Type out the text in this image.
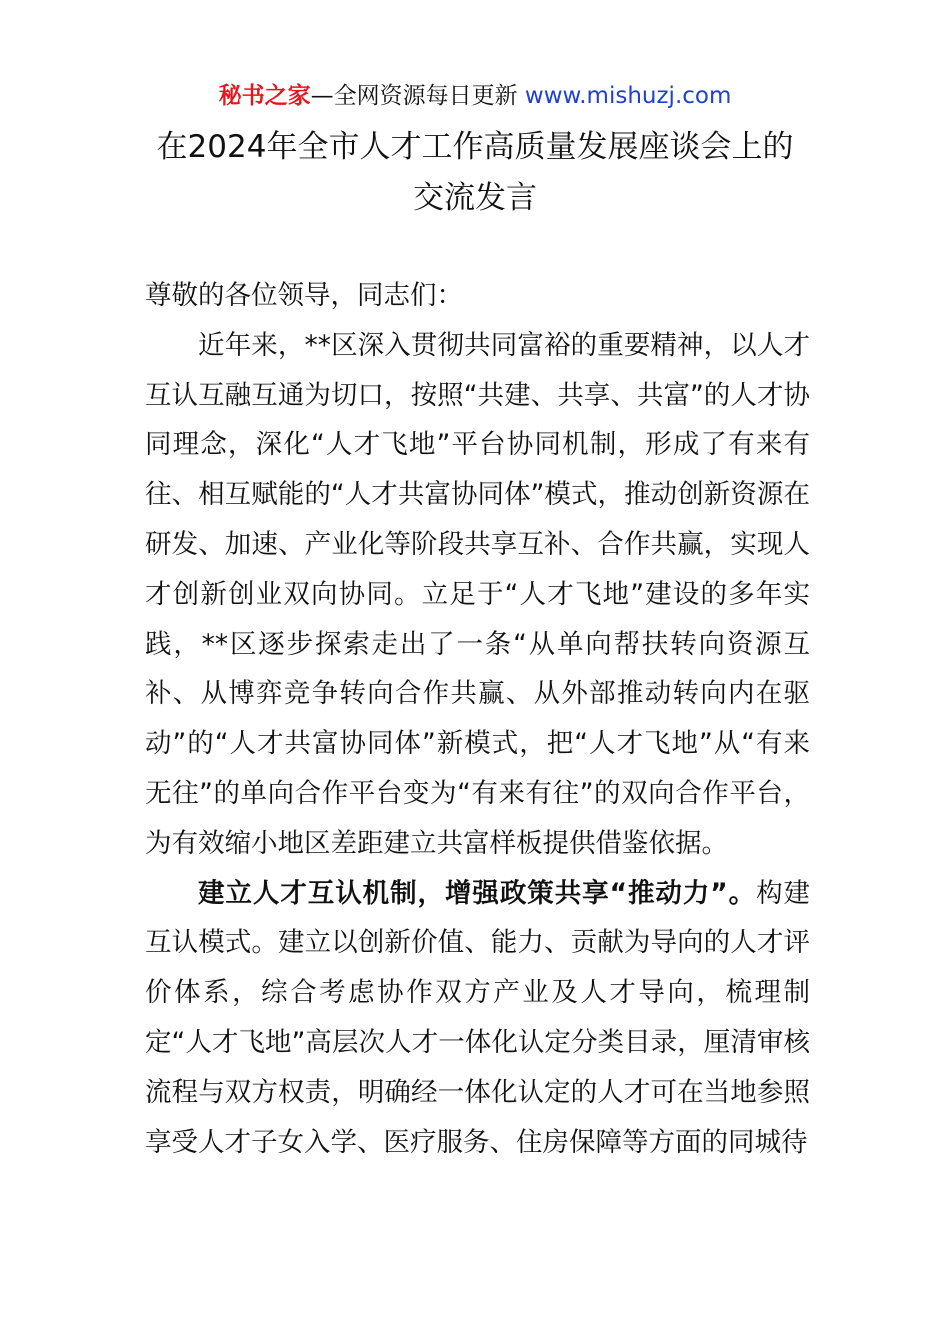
秘书之家—全网资源每日更新 www.mishuzj.com
在2024年全市人才工作高质量发展座谈会上的
交流发言

尊敬的各位领导，同志们：

近年来，**区深入贯彻共同富裕的重要精神，以人才互认互融互通为切口，按照“共建、共享、共富”的人才协同理念，深化“人才飞地”平台协同机制，形成了有来有往、相互赋能的“人才共富协同体”模式，推动创新资源在研发、加速、产业化等阶段共享互补、合作共赢，实现人才创新创业双向协同。立足于“人才飞地”建设的多年实践，**区逐步探索走出了一条“从单向帮扶转向资源互补、从博弈竞争转向合作共赢、从外部推动转向内在驱动”的“人才共富协同体”新模式，把“人才飞地”从“有来无往”的单向合作平台变为“有来有往”的双向合作平台，为有效缩小地区差距建立共富样板提供借鉴依据。

建立人才互认机制，增强政策共享“推动力”。构建互认模式。建立以创新价值、能力、贡献为导向的人才评价体系，综合考虑协作双方产业及人才导向，梳理制定“人才飞地”高层次人才一体化认定分类目录，厘清审核流程与双方权责，明确经一体化认定的人才可在当地参照享受人才子女入学、医疗服务、住房保障等方面的同城待
